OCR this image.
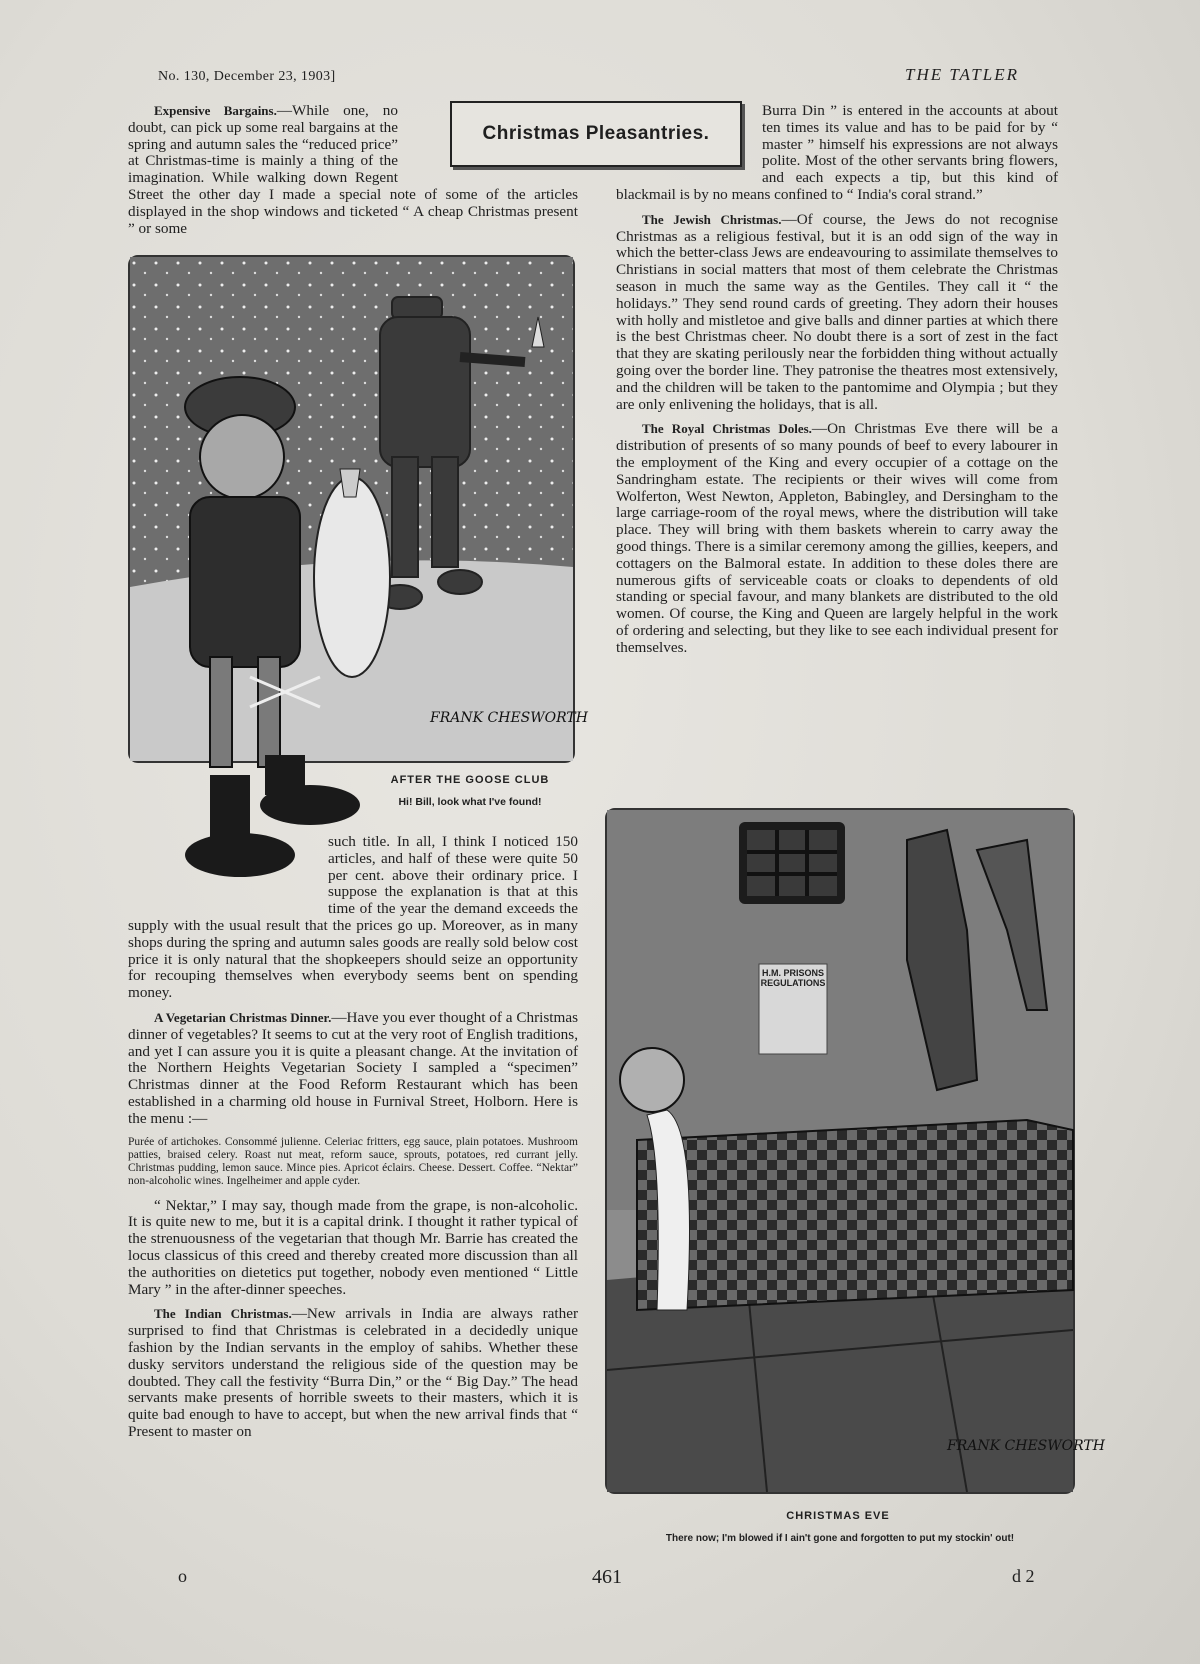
No. 130, December 23, 1903]	THE TATLER
Christmas Pleasantries.

Expensive Bargains.—While one, no doubt, can pick up some real bargains at the spring and autumn sales the “reduced price” at Christmas-time is mainly a thing of the imagination. While walking down Regent Street the other day I made a special note of some of the articles displayed in the shop windows and ticketed “ A cheap Christmas present ” or some

FRANK CHESWORTH
AFTER THE GOOSE CLUB
Hi! Bill, look what I've found!

such title. In all, I think I noticed 150 articles, and half of these were quite 50 per cent. above their ordinary price. I suppose the explanation is that at this time of the year the demand exceeds the supply with the usual result that the prices go up. Moreover, as in many shops during the spring and autumn sales goods are really sold below cost price it is only natural that the shopkeepers should seize an opportunity for recouping themselves when everybody seems bent on spending money.

A Vegetarian Christmas Dinner.—Have you ever thought of a Christmas dinner of vegetables? It seems to cut at the very root of English traditions, and yet I can assure you it is quite a pleasant change. At the invitation of the Northern Heights Vegetarian Society I sampled a “specimen” Christmas dinner at the Food Reform Restaurant which has been established in a charming old house in Furnival Street, Holborn. Here is the menu :—

Purée of artichokes. Consommé julienne. Celeriac fritters, egg sauce, plain potatoes. Mushroom patties, braised celery. Roast nut meat, reform sauce, sprouts, potatoes, red currant jelly. Christmas pudding, lemon sauce. Mince pies. Apricot éclairs. Cheese. Dessert. Coffee. “Nektar” non-alcoholic wines. Ingelheimer and apple cyder.

“ Nektar,” I may say, though made from the grape, is non-alcoholic. It is quite new to me, but it is a capital drink. I thought it rather typical of the strenuousness of the vegetarian that though Mr. Barrie has created the locus classicus of this creed and thereby created more discussion than all the authorities on dietetics put together, nobody even mentioned “ Little Mary ” in the after-dinner speeches.

The Indian Christmas.—New arrivals in India are always rather surprised to find that Christmas is celebrated in a decidedly unique fashion by the Indian servants in the employ of sahibs. Whether these dusky servitors understand the religious side of the question may be doubted. They call the festivity “Burra Din,” or the “ Big Day.” The head servants make presents of horrible sweets to their masters, which it is quite bad enough to have to accept, but when the new arrival finds that “ Present to master on

Burra Din ” is entered in the accounts at about ten times its value and has to be paid for by “ master ” himself his expressions are not always polite. Most of the other servants bring flowers, and each expects a tip, but this kind of blackmail is by no means confined to “ India's coral strand.”

The Jewish Christmas.—Of course, the Jews do not recognise Christmas as a religious festival, but it is an odd sign of the way in which the better-class Jews are endeavouring to assimilate themselves to Christians in social matters that most of them celebrate the Christmas season in much the same way as the Gentiles. They call it “ the holidays.” They send round cards of greeting. They adorn their houses with holly and mistletoe and give balls and dinner parties at which there is the best Christmas cheer. No doubt there is a sort of zest in the fact that they are skating perilously near the forbidden thing without actually going over the border line. They patronise the theatres most extensively, and the children will be taken to the pantomime and Olympia ; but they are only enlivening the holidays, that is all.

The Royal Christmas Doles.—On Christmas Eve there will be a distribution of presents of so many pounds of beef to every labourer in the employment of the King and every occupier of a cottage on the Sandringham estate. The recipients or their wives will come from Wolferton, West Newton, Appleton, Babingley, and Dersingham to the large carriage-room of the royal mews, where the distribution will take place. They will bring with them baskets wherein to carry away the good things. There is a similar ceremony among the gillies, keepers, and cottagers on the Balmoral estate. In addition to these doles there are numerous gifts of serviceable coats or cloaks to dependents of old standing or special favour, and many blankets are distributed to the old women. Of course, the King and Queen are largely helpful in the work of ordering and selecting, but they like to see each individual present for themselves.

H.M. PRISONS REGULATIONS
FRANK CHESWORTH
CHRISTMAS EVE
There now; I'm blowed if I ain't gone and forgotten to put my stockin' out!
o	461	d 2
